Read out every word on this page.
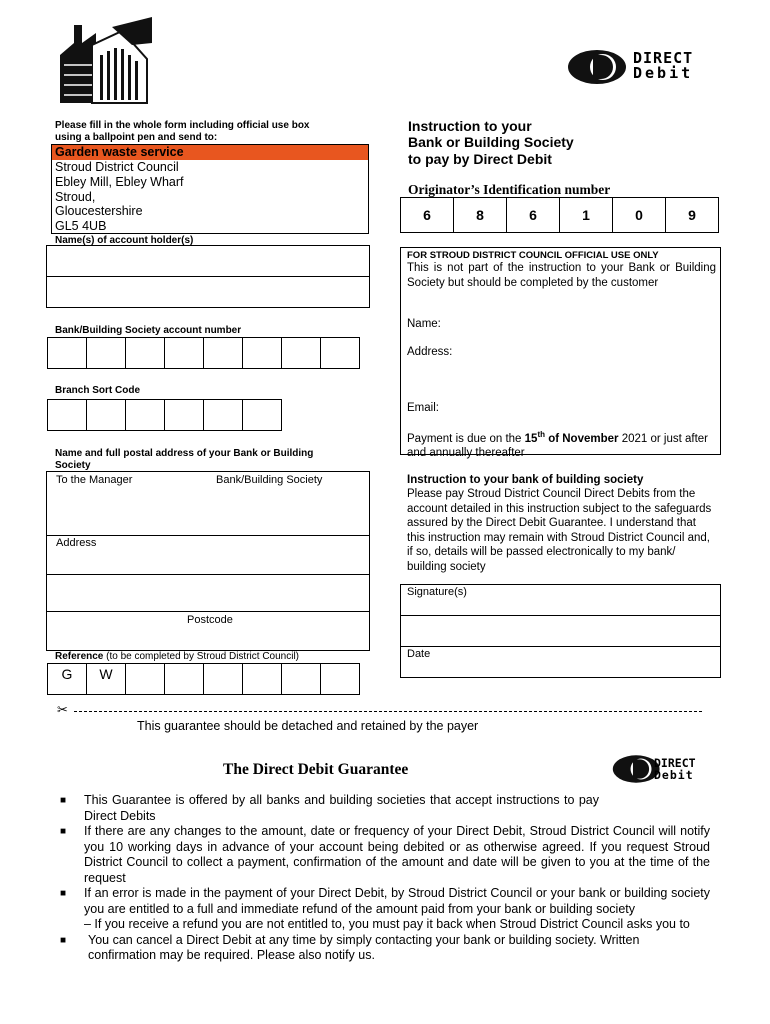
DIRECT
Debit
Please fill in the whole form including official use box
using a ballpoint pen and send to:
Garden waste service
Stroud District Council
Ebley Mill, Ebley Wharf
Stroud,
Gloucestershire
GL5 4UB
Name(s) of account holder(s)
Bank/Building Society account number
Branch Sort Code
Name and full postal address of your Bank or Building
Society
To the Manager	Bank/Building Society
Address
Postcode
Reference (to be completed by Stroud District Council)
G	W
Instruction to your
Bank or Building Society
to pay by Direct Debit
Originator’s Identification number
6	8	6	1	0	9
FOR STROUD DISTRICT COUNCIL OFFICIAL USE ONLY
This is not part of the instruction to your Bank or Building Society but should be completed by the customer
Name:
Address:
Email:
Payment is due on the 15th of November 2021 or just after and annually thereafter
Instruction to your bank of building society
Please pay Stroud District Council Direct Debits from the account detailed in this instruction subject to the safeguards assured by the Direct Debit Guarantee. I understand that this instruction may remain with Stroud District Council and, if so, details will be passed electronically to my bank/ building society
Signature(s)
Date
✂
This guarantee should be detached and retained by the payer
The Direct Debit Guarantee	DIRECT
Debit
■ This Guarantee is offered by all banks and building societies that accept instructions to pay Direct Debits
■ If there are any changes to the amount, date or frequency of your Direct Debit, Stroud District Council will notify you 10 working days in advance of your account being debited or as otherwise agreed. If you request Stroud District Council to collect a payment, confirmation of the amount and date will be given to you at the time of the request
■ If an error is made in the payment of your Direct Debit, by Stroud District Council or your bank or building society you are entitled to a full and immediate refund of the amount paid from your bank or building society
– If you receive a refund you are not entitled to, you must pay it back when Stroud District Council asks you to
■ You can cancel a Direct Debit at any time by simply contacting your bank or building society. Written confirmation may be required. Please also notify us.
